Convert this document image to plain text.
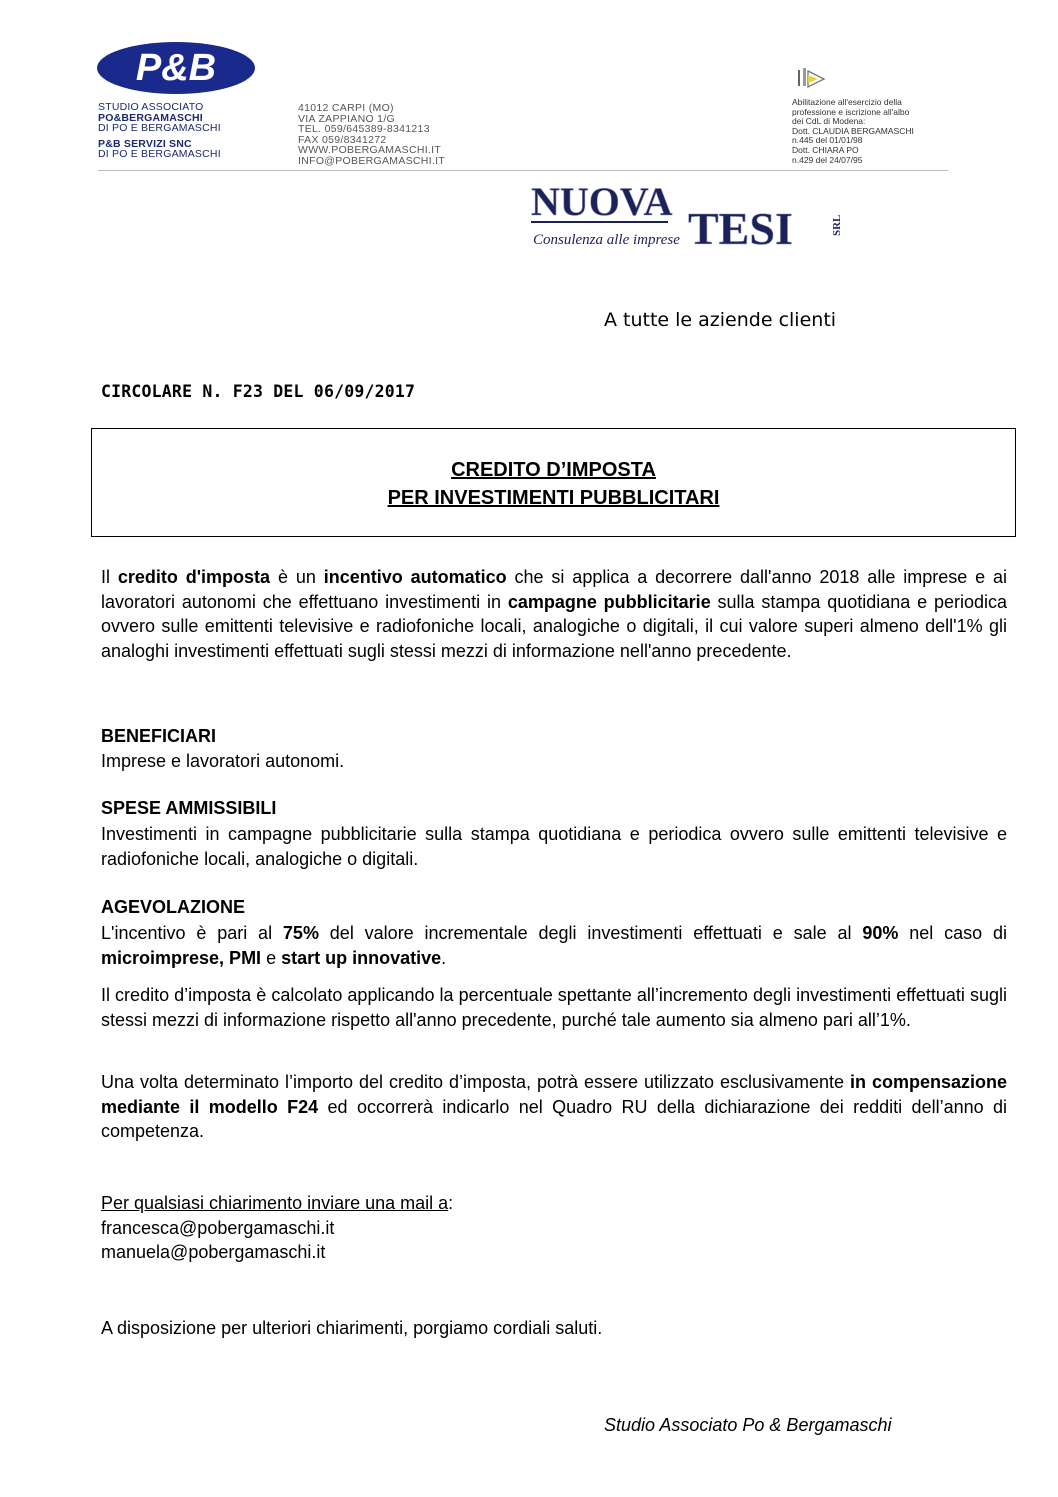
P&B
STUDIO ASSOCIATO
PO&BERGAMASCHI
DI PO E BERGAMASCHI
P&B SERVIZI SNC
DI PO E BERGAMASCHI
41012 CARPI (MO)
VIA ZAPPIANO 1/G
TEL. 059/645389-8341213
FAX 059/8341272
WWW.POBERGAMASCHI.IT
INFO@POBERGAMASCHI.IT
Abilitazione all'esercizio della
professione e iscrizione all'albo
dei CdL di Modena:
Dott. CLAUDIA BERGAMASCHI
n.445 del 01/01/98
Dott. CHIARA PO
n.429 del 24/07/95
NUOVA
Consulenza alle imprese TESI	SRL
A tutte le aziende clienti
CIRCOLARE N. F23 DEL 06/09/2017
CREDITO D’IMPOSTA
PER INVESTIMENTI PUBBLICITARI
Il credito d'imposta è un incentivo automatico che si applica a decorrere dall'anno 2018 alle imprese e ai lavoratori autonomi che effettuano investimenti in campagne pubblicitarie sulla stampa quotidiana e periodica ovvero sulle emittenti televisive e radiofoniche locali, analogiche o digitali, il cui valore superi almeno dell'1% gli analoghi investimenti effettuati sugli stessi mezzi di informazione nell'anno precedente.
BENEFICIARI
Imprese e lavoratori autonomi.
SPESE AMMISSIBILI
Investimenti in campagne pubblicitarie sulla stampa quotidiana e periodica ovvero sulle emittenti televisive e radiofoniche locali, analogiche o digitali.
AGEVOLAZIONE
L'incentivo è pari al 75% del valore incrementale degli investimenti effettuati e sale al 90% nel caso di microimprese, PMI e start up innovative.
Il credito d’imposta è calcolato applicando la percentuale spettante all’incremento degli investimenti effettuati sugli stessi mezzi di informazione rispetto all'anno precedente, purché tale aumento sia almeno pari all’1%.
Una volta determinato l’importo del credito d’imposta, potrà essere utilizzato esclusivamente in compensazione mediante il modello F24 ed occorrerà indicarlo nel Quadro RU della dichiarazione dei redditi dell’anno di competenza.
Per qualsiasi chiarimento inviare una mail a:
francesca@pobergamaschi.it
manuela@pobergamaschi.it
A disposizione per ulteriori chiarimenti, porgiamo cordiali saluti.
Studio Associato Po & Bergamaschi
